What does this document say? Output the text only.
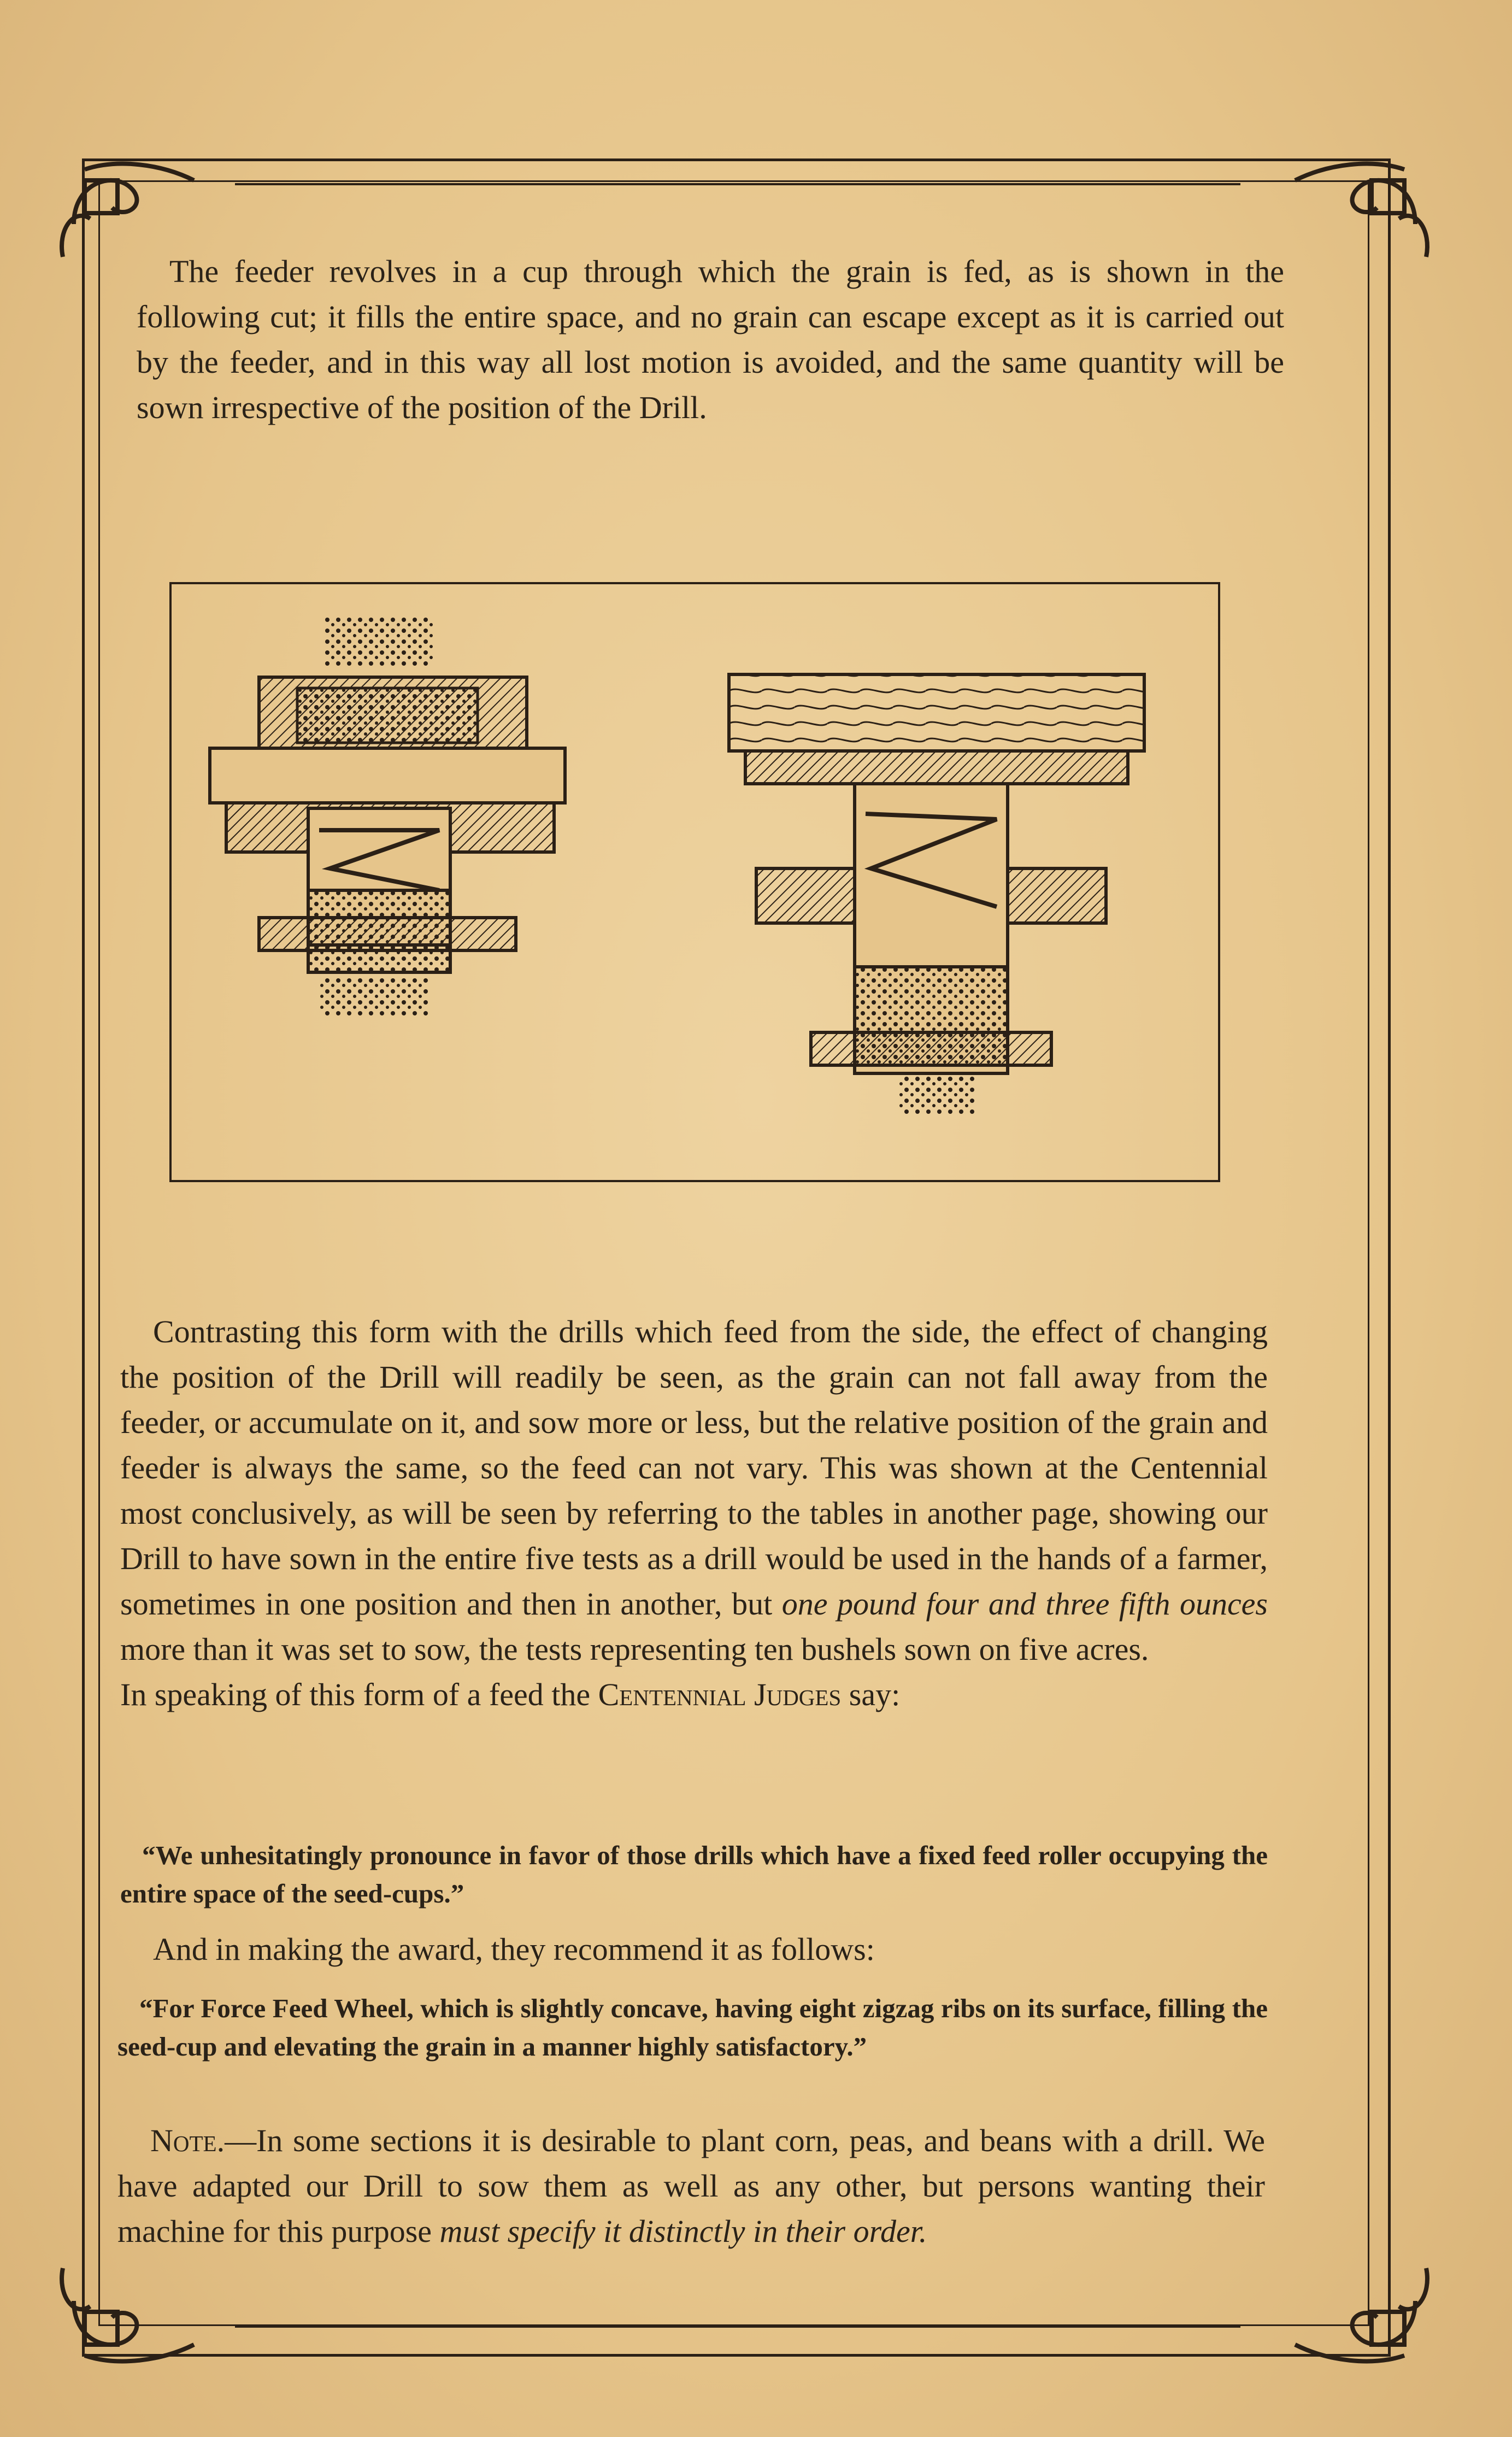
The feeder revolves in a cup through which the grain is fed, as is shown in the following cut; it fills the entire space, and no grain can escape except as it is carried out by the feeder, and in this way all lost motion is avoided, and the same quantity will be sown irrespective of the position of the Drill.

Contrasting this form with the drills which feed from the side, the effect of changing the position of the Drill will readily be seen, as the grain can not fall away from the feeder, or accumulate on it, and sow more or less, but the relative position of the grain and feeder is always the same, so the feed can not vary. This was shown at the Centennial most conclusively, as will be seen by referring to the tables in another page, showing our Drill to have sown in the entire five tests as a drill would be used in the hands of a farmer, sometimes in one position and then in another, but one pound four and three fifth ounces more than it was set to sow, the tests representing ten bushels sown on five acres.
In speaking of this form of a feed the Centennial Judges say:

“We unhesitatingly pronounce in favor of those drills which have a fixed feed roller occupying the entire space of the seed-cups.”

And in making the award, they recommend it as follows:

“For Force Feed Wheel, which is slightly concave, having eight zigzag ribs on its surface, filling the seed-cup and elevating the grain in a manner highly satisfactory.”

Note.—In some sections it is desirable to plant corn, peas, and beans with a drill. We have adapted our Drill to sow them as well as any other, but persons wanting their machine for this purpose must specify it distinctly in their order.
